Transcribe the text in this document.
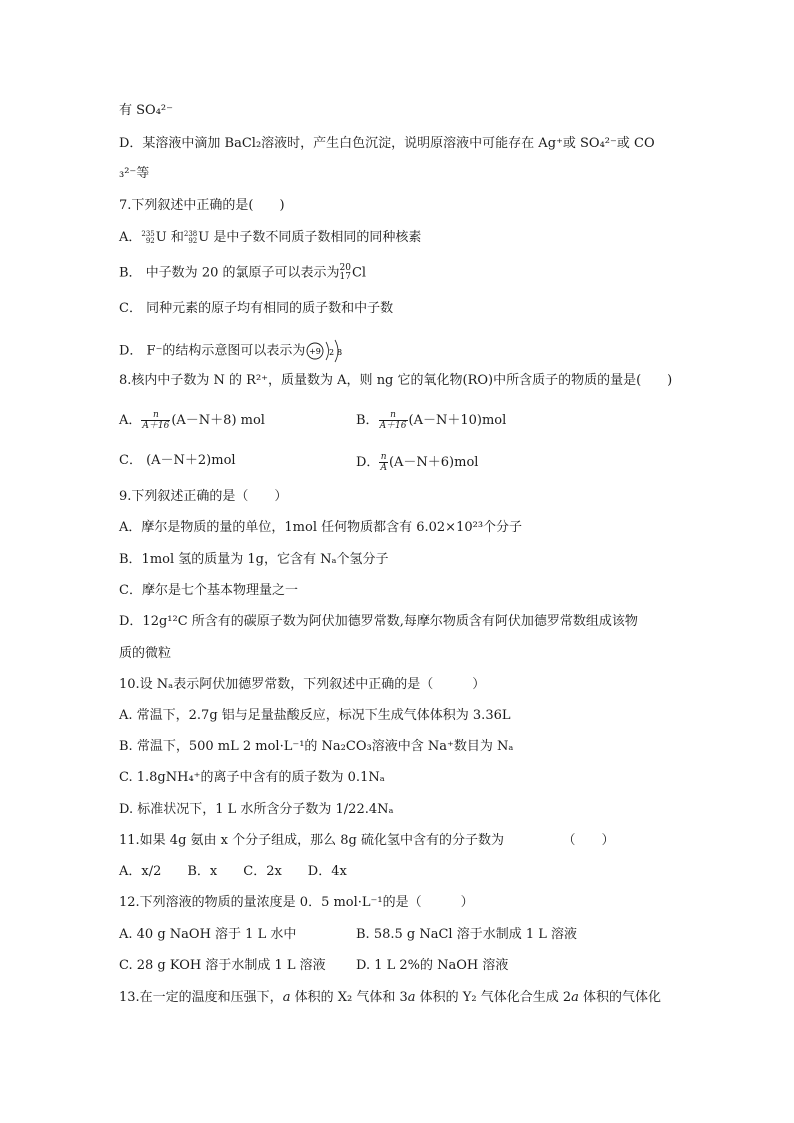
有 SO₄²⁻
D．某溶液中滴加 BaCl₂溶液时，产生白色沉淀，说明原溶液中可能存在 Ag⁺或 SO₄²⁻或 CO
₃²⁻等
7.下列叙述中正确的是(　　)
A． 235
92 U 和 238
92 U 是中子数不同质子数相同的同种核素
B． 中子数为 20 的氯原子可以表示为 20
17 Cl
C． 同种元素的原子均有相同的质子数和中子数
D． F⁻的结构示意图可以表示为 +9 2 8
8.核内中子数为 N 的 R²⁺，质量数为 A，则 ng 它的氧化物(RO)中所含质子的物质的量是(　　)
A． $\frac{n}{A+16} (A-N+8)$ mol	B． $\frac{n}{A+16} (A-N+10)mol$
C． (A－N＋2)mol	D． $\frac{n}{A} (A-N+6)mol$
9.下列叙述正确的是（　　）
A．摩尔是物质的量的单位，1mol 任何物质都含有 6.02×10²³个分子
B．1mol 氢的质量为 1g，它含有 Nₐ个氢分子
C．摩尔是七个基本物理量之一
D．12g¹²C 所含有的碳原子数为阿伏加德罗常数,每摩尔物质含有阿伏加德罗常数组成该物
质的微粒
10.设 Nₐ表示阿伏加德罗常数，下列叙述中正确的是（　　　）
A. 常温下，2.7g 铝与足量盐酸反应，标况下生成气体体积为 3.36L
B. 常温下，500 mL 2 mol·L⁻¹的 Na₂CO₃溶液中含 Na⁺数目为 Nₐ
C. 1.8gNH₄⁺的离子中含有的质子数为 0.1Nₐ
D. 标准状况下，1 L 水所含分子数为 1/22.4Nₐ
11.如果 4g 氨由 x 个分子组成，那么 8g 硫化氢中含有的分子数为　　　　　（　　）
A．x/2　　B．x　　C．2x　　D．4x
12.下列溶液的物质的量浓度是 0．5 mol·L⁻¹的是（　　　）
A. 40 g NaOH 溶于 1 L 水中	B. 58.5 g NaCl 溶于水制成 1 L 溶液
C. 28 g KOH 溶于水制成 1 L 溶液 D. 1 L 2%的 NaOH 溶液
13.在一定的温度和压强下，a 体积的 X₂ 气体和 3a 体积的 Y₂ 气体化合生成 2a 体积的气体化
